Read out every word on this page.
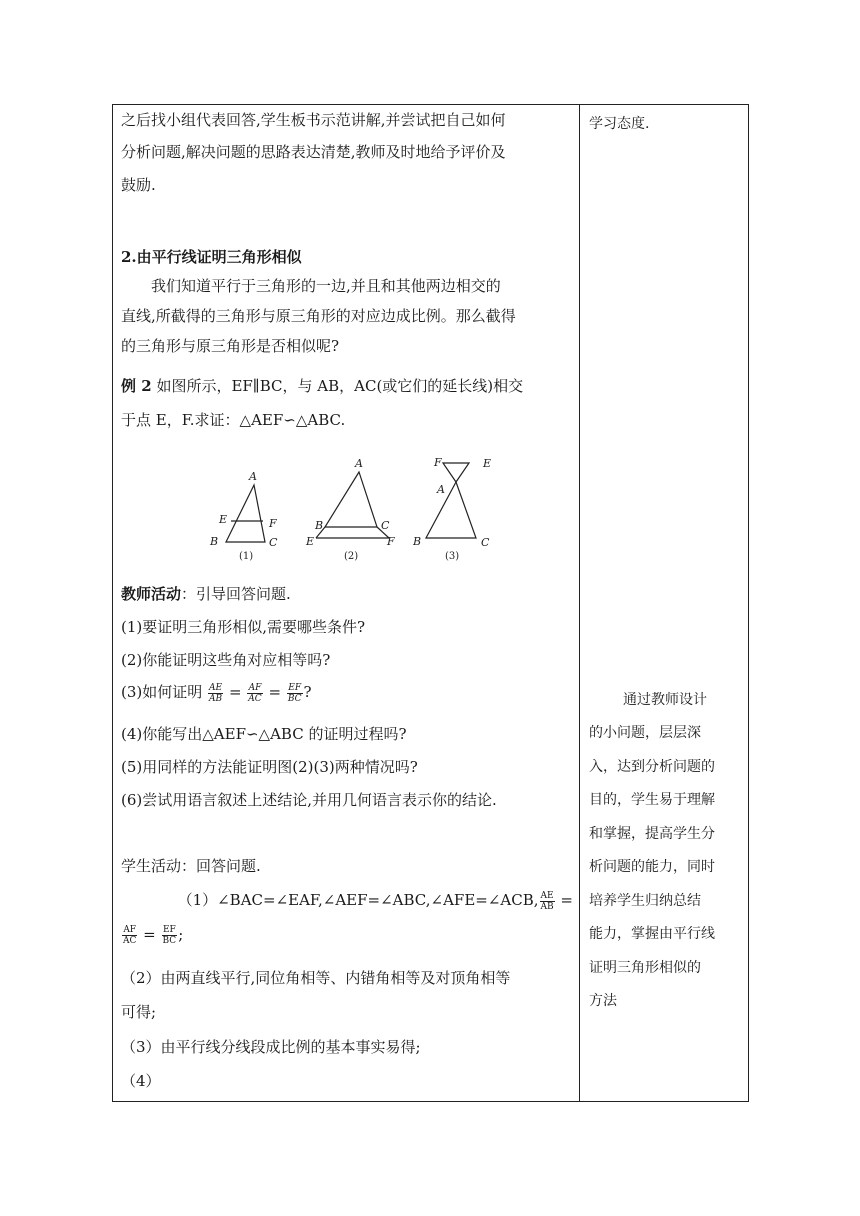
之后找小组代表回答,学生板书示范讲解,并尝试把自己如何
分析问题,解决问题的思路表达清楚,教师及时地给予评价及
鼓励.
2.由平行线证明三角形相似
我们知道平行于三角形的一边,并且和其他两边相交的
直线,所截得的三角形与原三角形的对应边成比例。那么截得
的三角形与原三角形是否相似呢?
例 2 如图所示，EF∥BC，与 AB，AC(或它们的延长线)相交
于点 E，F.求证：△AEF∽△ABC.
A
E	F
B	C
A
B	C
E	F
F	E
A
B	C
(1)	(2)	(3)
教师活动：引导回答问题.
(1)要证明三角形相似,需要哪些条件?
(2)你能证明这些角对应相等吗?
(3)如何证明 $\frac{AE}{AB} = \frac{AF}{AC} = \frac{EF}{BC}$ ?
(4)你能写出△AEF∽△ABC 的证明过程吗?
(5)用同样的方法能证明图(2)(3)两种情况吗?
(6)尝试用语言叙述上述结论,并用几何语言表示你的结论.
学生活动：回答问题.
（1）∠BAC=∠EAF,∠AEF=∠ABC,∠AFE=∠ACB, $\frac{AE}{AB}$ =
$\frac{AF}{AC} = \frac{EF}{BC}$ ;
（2）由两直线平行,同位角相等、内错角相等及对顶角相等
可得;
（3）由平行线分线段成比例的基本事实易得;
（4）
学习态度.
通过教师设计
的小问题，层层深
入，达到分析问题的
目的，学生易于理解
和掌握，提高学生分
析问题的能力，同时
培养学生归纳总结
能力，掌握由平行线
证明三角形相似的
方法
